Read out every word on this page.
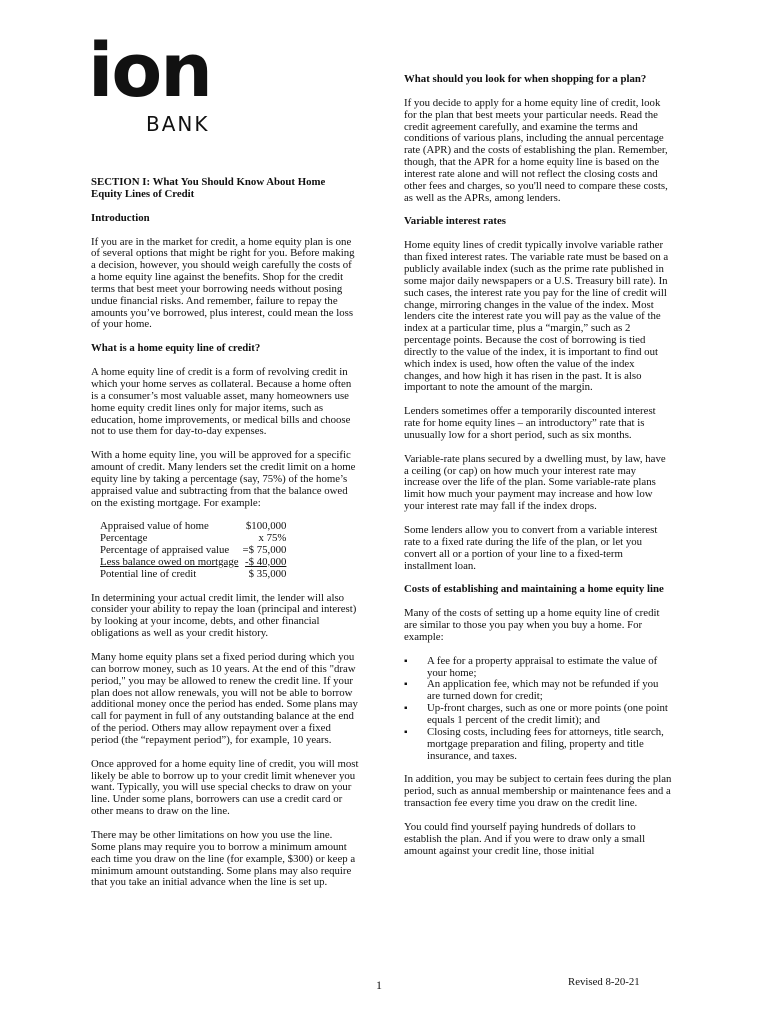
ion
BANK
SECTION I: What You Should Know About Home Equity Lines of Credit
Introduction

If you are in the market for credit, a home equity plan is one of several options that might be right for you. Before making a decision, however, you should weigh carefully the costs of a home equity line against the benefits. Shop for the credit terms that best meet your borrowing needs without posing undue financial risks. And remember, failure to repay the amounts you’ve borrowed, plus interest, could mean the loss of your home.

What is a home equity line of credit?

A home equity line of credit is a form of revolving credit in which your home serves as collateral. Because a home often is a consumer’s most valuable asset, many homeowners use home equity credit lines only for major items, such as education, home improvements, or medical bills and choose not to use them for day-to-day expenses.

With a home equity line, you will be approved for a specific amount of credit. Many lenders set the credit limit on a home equity line by taking a percentage (say, 75%) of the home’s appraised value and subtracting from that the balance owed on the existing mortgage. For example:

Appraised value of home	$100,000
Percentage	x 75%
Percentage of appraised value	=$ 75,000
Less balance owed on mortgage	-$ 40,000
Potential line of credit	$ 35,000

In determining your actual credit limit, the lender will also consider your ability to repay the loan (principal and interest) by looking at your income, debts, and other financial obligations as well as your credit history.

Many home equity plans set a fixed period during which you can borrow money, such as 10 years. At the end of this "draw period," you may be allowed to renew the credit line. If your plan does not allow renewals, you will not be able to borrow additional money once the period has ended. Some plans may call for payment in full of any outstanding balance at the end of the period. Others may allow repayment over a fixed period (the “repayment period”), for example, 10 years.

Once approved for a home equity line of credit, you will most likely be able to borrow up to your credit limit whenever you want. Typically, you will use special checks to draw on your line. Under some plans, borrowers can use a credit card or other means to draw on the line.

There may be other limitations on how you use the line. Some plans may require you to borrow a minimum amount each time you draw on the line (for example, $300) or keep a minimum amount outstanding. Some plans may also require that you take an initial advance when the line is set up.

What should you look for when shopping for a plan?

If you decide to apply for a home equity line of credit, look for the plan that best meets your particular needs. Read the credit agreement carefully, and examine the terms and conditions of various plans, including the annual percentage rate (APR) and the costs of establishing the plan. Remember, though, that the APR for a home equity line is based on the interest rate alone and will not reflect the closing costs and other fees and charges, so you'll need to compare these costs, as well as the APRs, among lenders.

Variable interest rates

Home equity lines of credit typically involve variable rather than fixed interest rates. The variable rate must be based on a publicly available index (such as the prime rate published in some major daily newspapers or a U.S. Treasury bill rate). In such cases, the interest rate you pay for the line of credit will change, mirroring changes in the value of the index. Most lenders cite the interest rate you will pay as the value of the index at a particular time, plus a “margin,” such as 2 percentage points. Because the cost of borrowing is tied directly to the value of the index, it is important to find out which index is used, how often the value of the index changes, and how high it has risen in the past. It is also important to note the amount of the margin.

Lenders sometimes offer a temporarily discounted interest rate for home equity lines – an introductory” rate that is unusually low for a short period, such as six months.

Variable-rate plans secured by a dwelling must, by law, have a ceiling (or cap) on how much your interest rate may increase over the life of the plan. Some variable-rate plans limit how much your payment may increase and how low your interest rate may fall if the index drops.

Some lenders allow you to convert from a variable interest rate to a fixed rate during the life of the plan, or let you convert all or a portion of your line to a fixed-term installment loan.

Costs of establishing and maintaining a home equity line

Many of the costs of setting up a home equity line of credit are similar to those you pay when you buy a home. For example:

▪ A fee for a property appraisal to estimate the value of your home;
▪ An application fee, which may not be refunded if you are turned down for credit;
▪ Up-front charges, such as one or more points (one point equals 1 percent of the credit limit); and
▪ Closing costs, including fees for attorneys, title search, mortgage preparation and filing, property and title insurance, and taxes.

In addition, you may be subject to certain fees during the plan period, such as annual membership or maintenance fees and a transaction fee every time you draw on the credit line.

You could find yourself paying hundreds of dollars to establish the plan. And if you were to draw only a small amount against your credit line, those initial

1	Revised 8-20-21
